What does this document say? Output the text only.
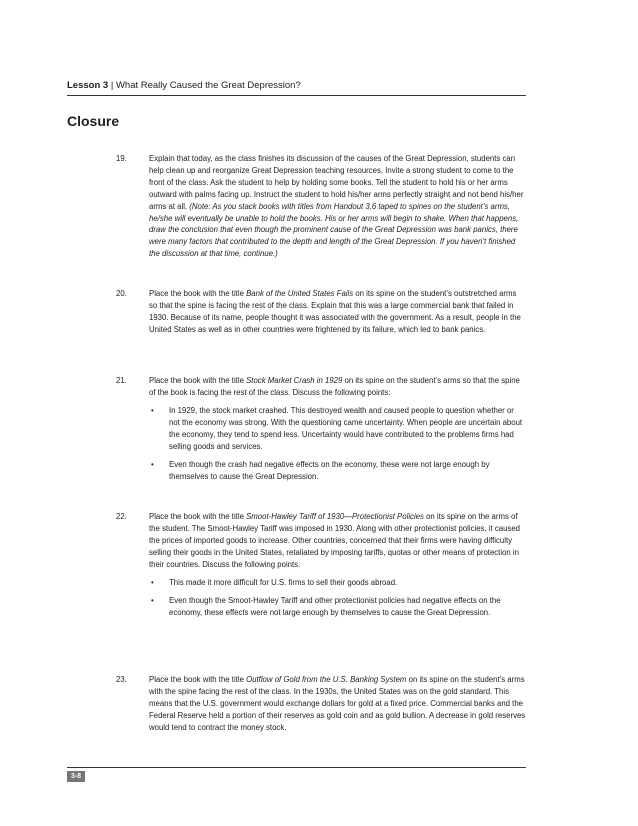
Lesson 3 | What Really Caused the Great Depression?
Closure
19.	Explain that today, as the class finishes its discussion of the causes of the Great Depression, students can help clean up and reorganize Great Depression teaching resources. Invite a strong student to come to the front of the class. Ask the student to help by holding some books. Tell the student to hold his or her arms outward with palms facing up. Instruct the student to hold his/her arms perfectly straight and not bend his/her arms at all. (Note: As you stack books with titles from Handout 3.6 taped to spines on the student’s arms, he/she will eventually be unable to hold the books. His or her arms will begin to shake. When that happens, draw the conclusion that even though the prominent cause of the Great Depression was bank panics, there were many factors that contributed to the depth and length of the Great Depression. If you haven’t finished the discussion at that time, continue.)

20.	Place the book with the title Bank of the United States Fails on its spine on the student’s outstretched arms so that the spine is facing the rest of the class. Explain that this was a large commercial bank that failed in 1930. Because of its name, people thought it was associated with the government. As a result, people in the United States as well as in other countries were frightened by its failure, which led to bank panics.

21.	Place the book with the title Stock Market Crash in 1929 on its spine on the student’s arms so that the spine of the book is facing the rest of the class. Discuss the following points:

• In 1929, the stock market crashed. This destroyed wealth and caused people to question whether or not the economy was strong. With the questioning came uncertainty. When people are uncertain about the economy, they tend to spend less. Uncertainty would have contributed to the problems firms had selling goods and services.
• Even though the crash had negative effects on the economy, these were not large enough by themselves to cause the Great Depression.
22.	Place the book with the title Smoot-Hawley Tariff of 1930—Protectionist Policies on its spine on the arms of the student. The Smoot-Hawley Tariff was imposed in 1930. Along with other protectionist policies, it caused the prices of imported goods to increase. Other countries, concerned that their firms were having difficulty selling their goods in the United States, retaliated by imposing tariffs, quotas or other means of protection in their countries. Discuss the following points:

• This made it more difficult for U.S. firms to sell their goods abroad.
• Even though the Smoot-Hawley Tariff and other protectionist policies had negative effects on the economy, these effects were not large enough by themselves to cause the Great Depression.
23.	Place the book with the title Outflow of Gold from the U.S. Banking System on its spine on the student’s arms with the spine facing the rest of the class. In the 1930s, the United States was on the gold standard. This means that the U.S. government would exchange dollars for gold at a fixed price. Commercial banks and the Federal Reserve held a portion of their reserves as gold coin and as gold bullion. A decrease in gold reserves would tend to contract the money stock.

3-8
